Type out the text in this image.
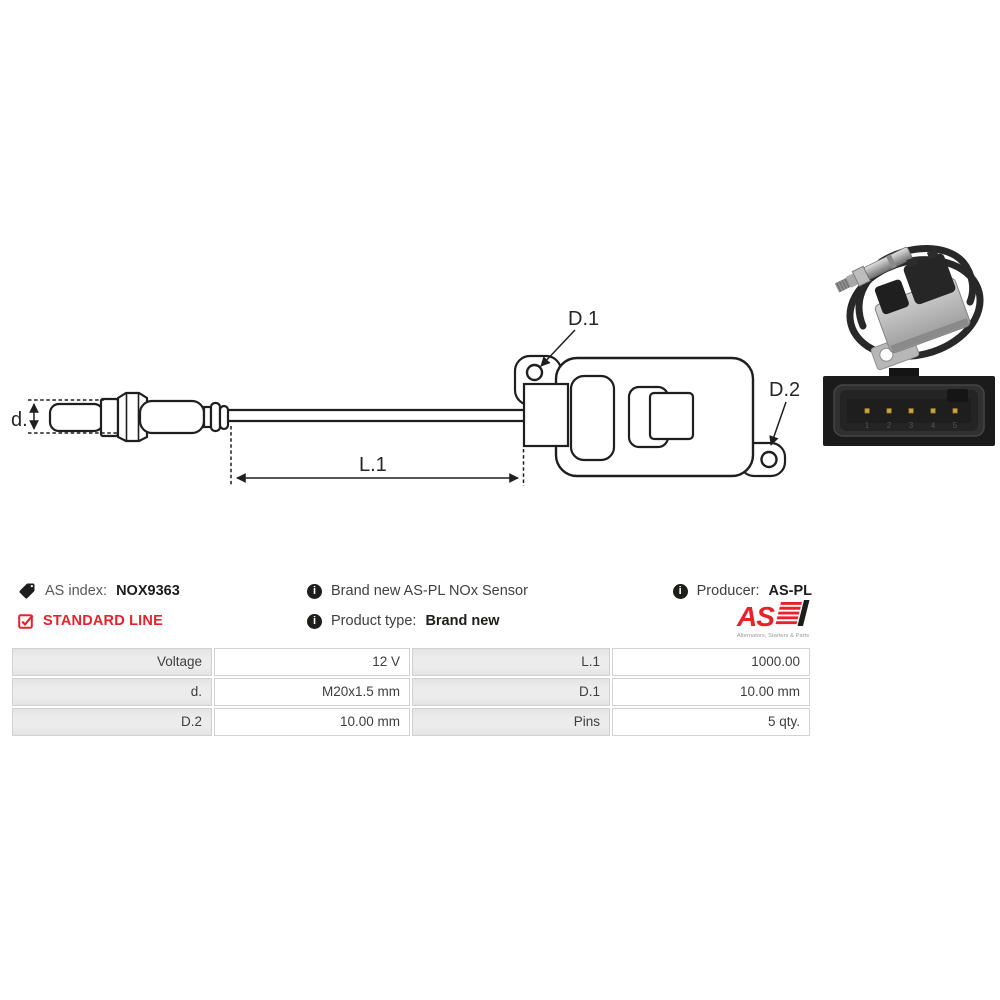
d.
L.1
D.1
D.2
1 2 3 4 5
AS index: NOX9363
STANDARD LINE
i	Brand new AS-PL NOx Sensor
i	Product type: Brand new
i	Producer: AS-PL
AS
Alternators, Starters & Parts
Voltage	12 V	L.1	1000.00
d.	M20x1.5 mm	D.1	10.00 mm
D.2	10.00 mm	Pins	5 qty.
